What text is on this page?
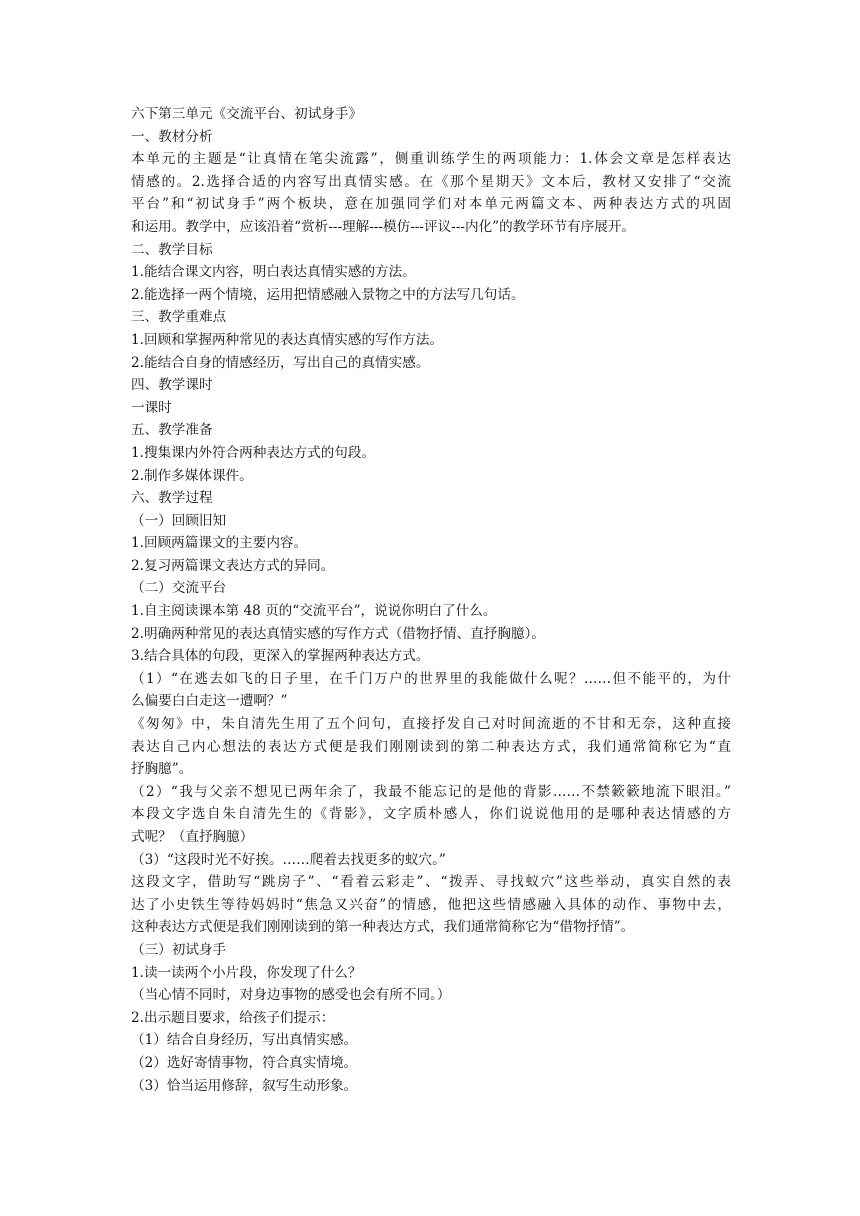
六下第三单元《交流平台、初试身手》

一、教材分析

本单元的主题是“让真情在笔尖流露”，侧重训练学生的两项能力：1.体会文章是怎样表达

情感的。2.选择合适的内容写出真情实感。在《那个星期天》文本后，教材又安排了“交流

平台”和“初试身手”两个板块，意在加强同学们对本单元两篇文本、两种表达方式的巩固

和运用。教学中，应该沿着“赏析---理解---模仿---评议---内化”的教学环节有序展开。

二、教学目标

1.能结合课文内容，明白表达真情实感的方法。

2.能选择一两个情境，运用把情感融入景物之中的方法写几句话。

三、教学重难点

1.回顾和掌握两种常见的表达真情实感的写作方法。

2.能结合自身的情感经历，写出自己的真情实感。

四、教学课时

一课时

五、教学准备

1.搜集课内外符合两种表达方式的句段。

2.制作多媒体课件。

六、教学过程

（一）回顾旧知

1.回顾两篇课文的主要内容。

2.复习两篇课文表达方式的异同。

（二）交流平台

1.自主阅读课本第 48 页的“交流平台”，说说你明白了什么。

2.明确两种常见的表达真情实感的写作方式（借物抒情、直抒胸臆）。

3.结合具体的句段，更深入的掌握两种表达方式。

（1）“在逃去如飞的日子里，在千门万户的世界里的我能做什么呢？……但不能平的，为什

么偏要白白走这一遭啊？”

《匆匆》中，朱自清先生用了五个问句，直接抒发自己对时间流逝的不甘和无奈，这种直接

表达自己内心想法的表达方式便是我们刚刚读到的第二种表达方式，我们通常简称它为“直

抒胸臆”。

（2）“我与父亲不想见已两年余了，我最不能忘记的是他的背影……不禁簌簌地流下眼泪。”

本段文字选自朱自清先生的《背影》，文字质朴感人，你们说说他用的是哪种表达情感的方

式呢？（直抒胸臆）

（3）“这段时光不好挨。……爬着去找更多的蚁穴。”

这段文字，借助写“跳房子”、“看着云彩走”、“拨弄、寻找蚁穴”这些举动，真实自然的表

达了小史铁生等待妈妈时“焦急又兴奋”的情感，他把这些情感融入具体的动作、事物中去，

这种表达方式便是我们刚刚读到的第一种表达方式，我们通常简称它为“借物抒情”。

（三）初试身手

1.读一读两个小片段，你发现了什么？

（当心情不同时，对身边事物的感受也会有所不同。）

2.出示题目要求，给孩子们提示：

（1）结合自身经历，写出真情实感。

（2）选好寄情事物，符合真实情境。

（3）恰当运用修辞，叙写生动形象。
